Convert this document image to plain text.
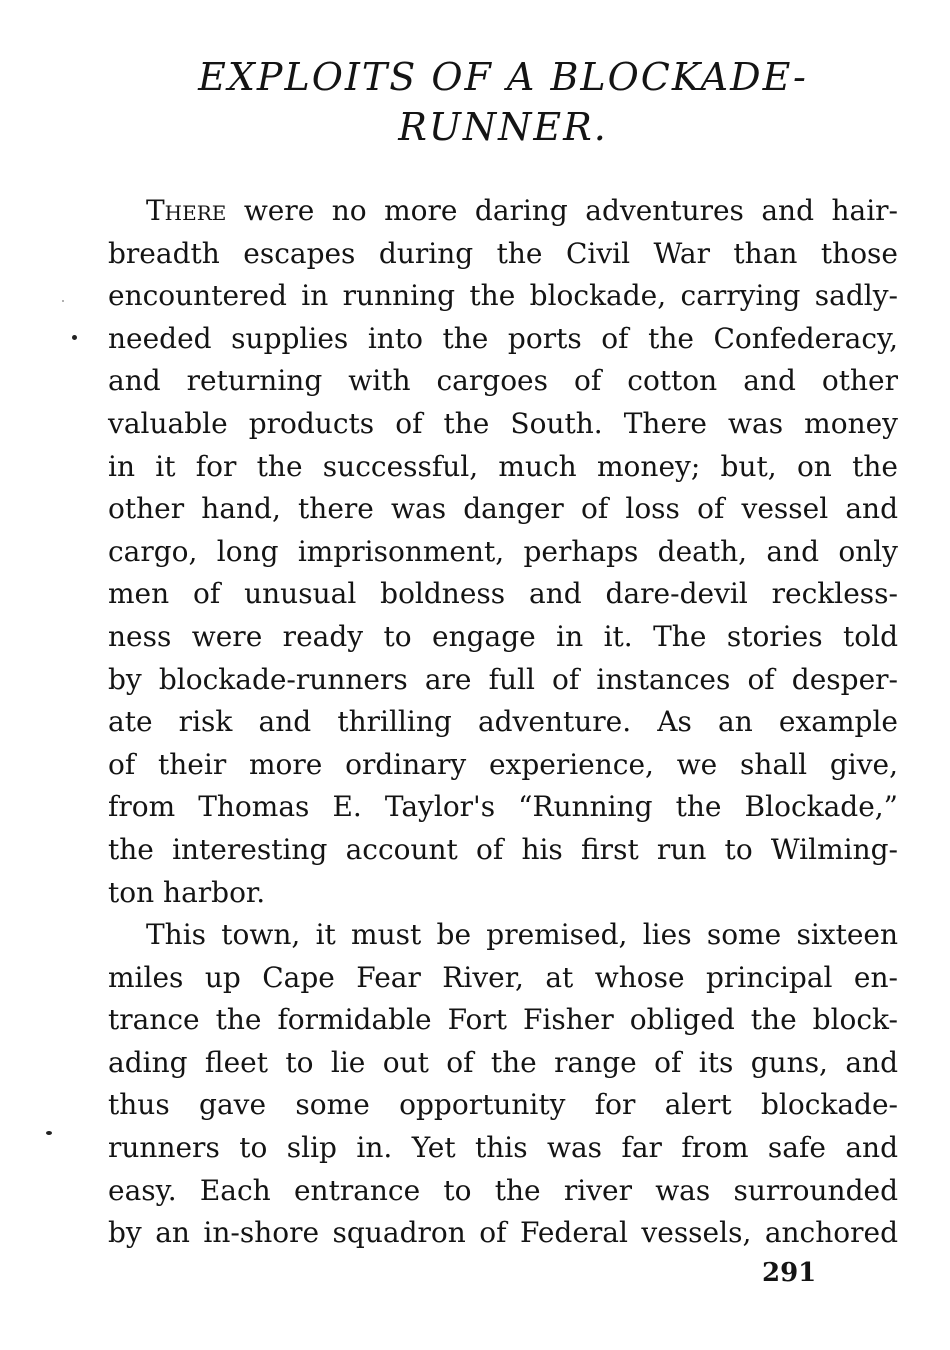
EXPLOITS OF A BLOCKADE-
RUNNER.
There were no more daring adventures and hair-
breadth escapes during the Civil War than those
encountered in running the blockade, carrying sadly-
needed supplies into the ports of the Confederacy,
and returning with cargoes of cotton and other
valuable products of the South. There was money
in it for the successful, much money; but, on the
other hand, there was danger of loss of vessel and
cargo, long imprisonment, perhaps death, and only
men of unusual boldness and dare-devil reckless-
ness were ready to engage in it. The stories told
by blockade-runners are full of instances of desper-
ate risk and thrilling adventure. As an example
of their more ordinary experience, we shall give,
from Thomas E. Taylor's “Running the Blockade,”
the interesting account of his first run to Wilming-
ton harbor.
This town, it must be premised, lies some sixteen
miles up Cape Fear River, at whose principal en-
trance the formidable Fort Fisher obliged the block-
ading fleet to lie out of the range of its guns, and
thus gave some opportunity for alert blockade-
runners to slip in. Yet this was far from safe and
easy. Each entrance to the river was surrounded
by an in-shore squadron of Federal vessels, anchored
291
